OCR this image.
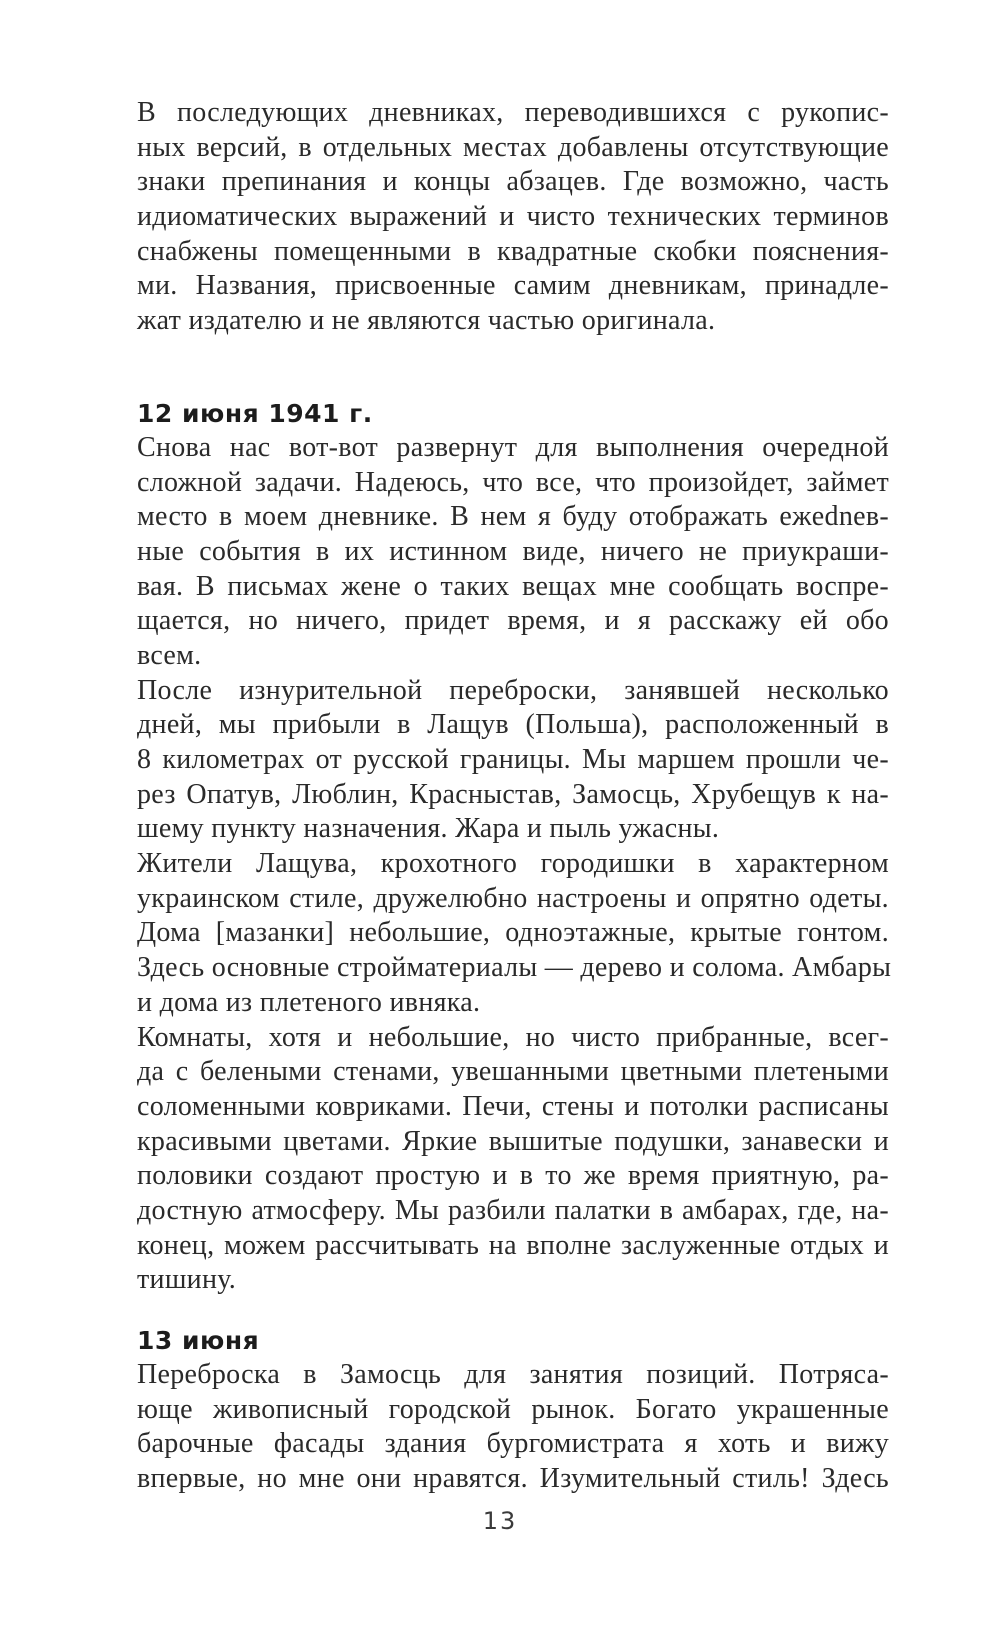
В последующих дневниках, переводившихся с рукопис-
ных версий, в отдельных местах добавлены отсутствующие
знаки препинания и концы абзацев. Где возможно, часть
идиоматических выражений и чисто технических терминов
снабжены помещенными в квадратные скобки пояснения-
ми. Названия, присвоенные самим дневникам, принадле-
жат издателю и не являются частью оригинала.
12 июня 1941 г.
Снова нас вот-вот развернут для выполнения очередной
сложной задачи. Надеюсь, что все, что произойдет, займет
место в моем дневнике. В нем я буду отображать ежednев-
ные события в их истинном виде, ничего не приукраши-
вая. В письмах жене о таких вещах мне сообщать воспре-
щается, но ничего, придет время, и я расскажу ей обо
всем.
После изнурительной переброски, занявшей несколько
дней, мы прибыли в Лащув (Польша), расположенный в
8 километрах от русской границы. Мы маршем прошли че-
рез Опатув, Люблин, Красныстав, Замосць, Хрубещув к на-
шему пункту назначения. Жара и пыль ужасны.
Жители Лащува, крохотного городишки в характерном
украинском стиле, дружелюбно настроены и опрятно одеты.
Дома [мазанки] небольшие, одноэтажные, крытые гонтом.
Здесь основные стройматериалы — дерево и солома. Амбары
и дома из плетеного ивняка.
Комнаты, хотя и небольшие, но чисто прибранные, всег-
да с белеными стенами, увешанными цветными плетеными
соломенными ковриками. Печи, стены и потолки расписаны
красивыми цветами. Яркие вышитые подушки, занавески и
половики создают простую и в то же время приятную, ра-
достную атмосферу. Мы разбили палатки в амбарах, где, на-
конец, можем рассчитывать на вполне заслуженные отдых и
тишину.
13 июня
Переброска в Замосць для занятия позиций. Потряса-
юще живописный городской рынок. Богато украшенные
барочные фасады здания бургомистрата я хоть и вижу
впервые, но мне они нравятся. Изумительный стиль! Здесь
13
